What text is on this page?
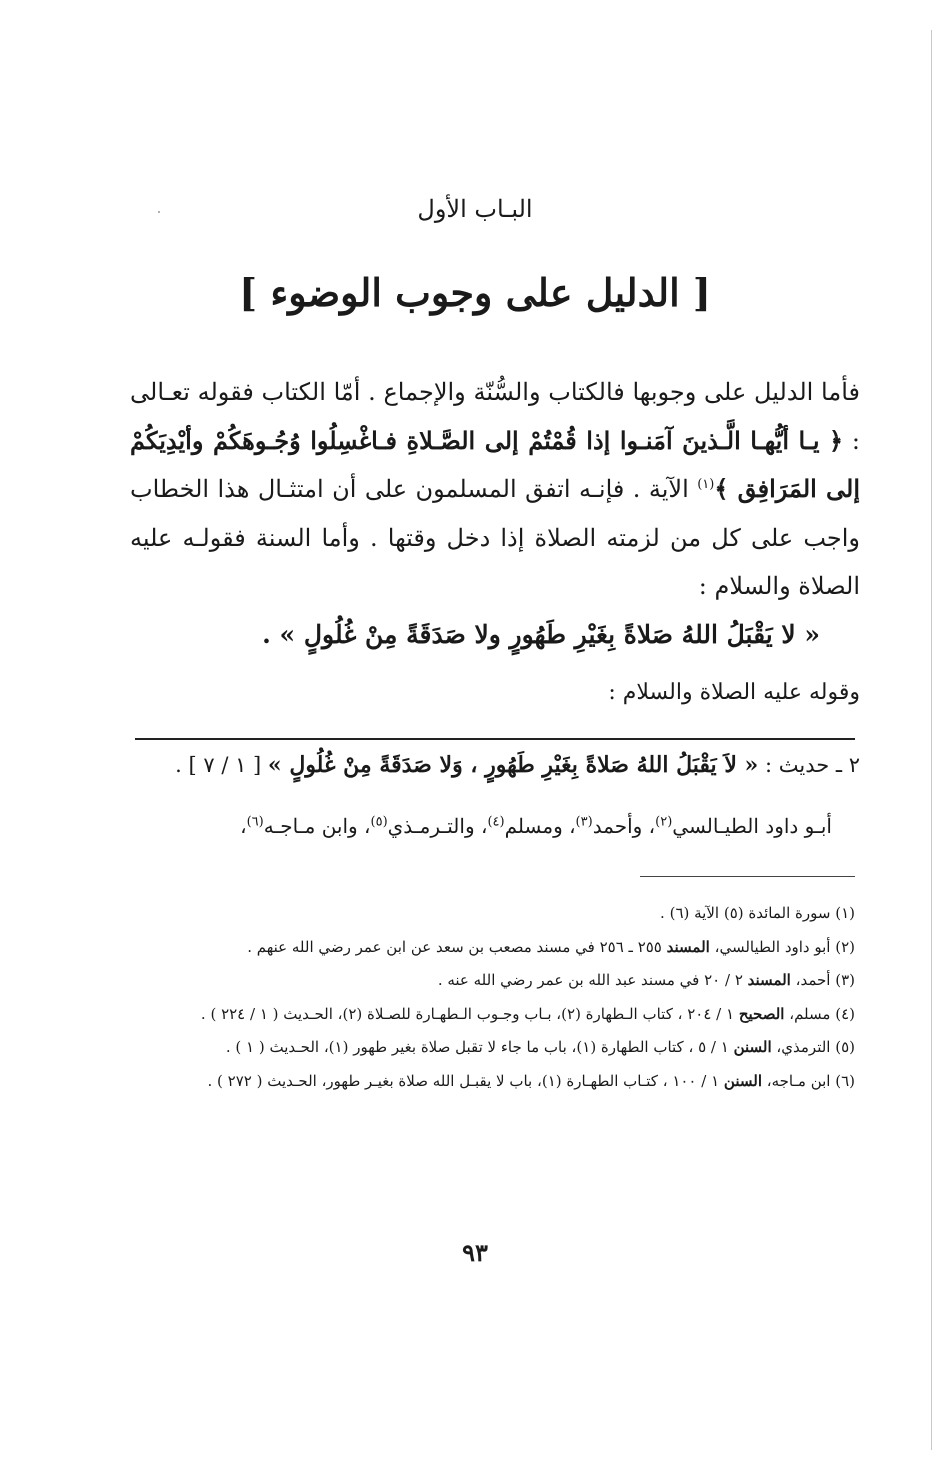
البـاب الأول
[ الدليل على وجوب الوضوء ]

فأما الدليل على وجوبها فالكتاب والسُّنّة والإجماع . أمّا الكتاب فقوله تعـالى : ﴿ يـا أيُّهـا الَّـذينَ آمَنـوا إذا قُمْتُمْ إلى الصَّـلاةِ فـاغْسِلُوا وُجُـوهَكُمْ وأيْدِيَكُمْ إلى المَرَافِق ﴾$^{(١)}$ الآية . فإنـه اتفق المسلمون على أن امتثـال هذا الخطاب واجب على كل من لزمته الصلاة إذا دخل وقتها . وأما السنة فقولـه عليه الصلاة والسلام :

« لا يَقْبَلُ اللهُ صَلاةً بِغَيْرِ طَهُورٍ ولا صَدَقَةً مِنْ غُلُولٍ » .
وقوله عليه الصلاة والسلام :
٢ ـ حديث : « لاَ يَقْبَلُ اللهُ صَلاةً بِغَيْرِ طَهُورٍ ، وَلا صَدَقَةً مِنْ غُلُولٍ » [ ١ / ٧ ] .
أبـو داود الطيـالسي$^{(٢)}$، وأحمد$^{(٣)}$، ومسلم$^{(٤)}$، والتـرمـذي$^{(٥)}$، وابن مـاجـه$^{(٦)}$،

(١) سورة المائدة (٥) الآية (٦) .

(٢) أبو داود الطيالسي، المسند ٢٥٥ ـ ٢٥٦ في مسند مصعب بن سعد عن ابن عمر رضي الله عنهم .

(٣) أحمد، المسند ٢ / ٢٠ في مسند عبد الله بن عمر رضي الله عنه .

(٤) مسلم، الصحيح ١ / ٢٠٤ ، كتاب الـطهارة (٢)، بـاب وجـوب الـطهـارة للصـلاة (٢)، الحـديث ( ١ / ٢٢٤ ) .

(٥) الترمذي، السنن ١ / ٥ ، كتاب الطهارة (١)، باب ما جاء لا تقبل صلاة بغير طهور (١)، الحـديث ( ١ ) .

(٦) ابن مـاجه، السنن ١ / ١٠٠ ، كتـاب الطهـارة (١)، باب لا يقبـل الله صلاة بغيـر طهور، الحـديث ( ٢٧٢ ) .

٩٣
